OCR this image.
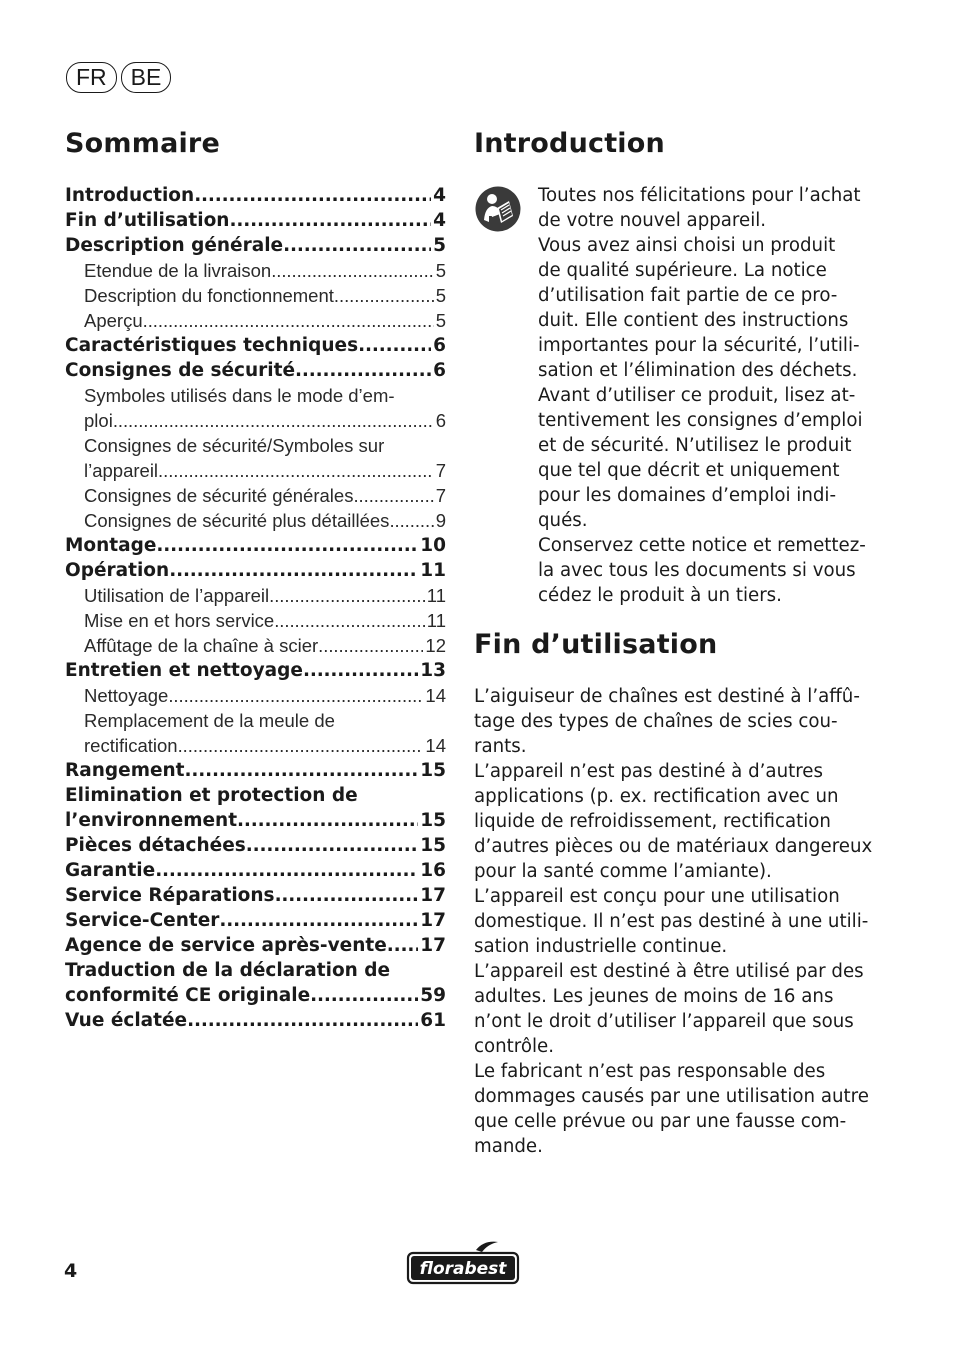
FR	BE
Sommaire
Introduction . . .	4
Fin d’utilisation . . .	4
Description générale . . .	5
Etendue de la livraison . . .	5
Description du fonctionnement . . .	5
Aperçu . . .	5
Caractéristiques techniques . . .	6
Consignes de sécurité . . .	6
Symboles utilisés dans le mode d’em-
ploi . . .	6
Consignes de sécurité/Symboles sur
l’appareil . . .	7
Consignes de sécurité générales . . .	7
Consignes de sécurité plus détaillées . . .	9
Montage . . .	10
Opération . . .	11
Utilisation de l’appareil . . .	11
Mise en et hors service . . .	11
Affûtage de la chaîne à scier . . .	12
Entretien et nettoyage . . .	13
Nettoyage . . .	14
Remplacement de la meule de
rectification . . .	14
Rangement . . .	15
Elimination et protection de
l’environnement . . .	15
Pièces détachées . . .	15
Garantie . . .	16
Service Réparations . . .	17
Service-Center . . .	17
Agence de service après-vente . . . 17
Traduction de la déclaration de
conformité CE originale . . .	59
Vue éclatée . . .	61
Introduction
Toutes nos félicitations pour l’achat
de votre nouvel appareil.
Vous avez ainsi choisi un produit
de qualité supérieure. La notice
d’utilisation fait partie de ce pro-
duit. Elle contient des instructions
importantes pour la sécurité, l’utili-
sation et l’élimination des déchets.
Avant d’utiliser ce produit, lisez at-
tentivement les consignes d’emploi
et de sécurité. N’utilisez le produit
que tel que décrit et uniquement
pour les domaines d’emploi indi-
qués.
Conservez cette notice et remettez-
la avec tous les documents si vous
cédez le produit à un tiers.
Fin d’utilisation
L’aiguiseur de chaînes est destiné à l’affû-
tage des types de chaînes de scies cou-
rants.
L’appareil n’est pas destiné à d’autres
applications (p. ex. rectification avec un
liquide de refroidissement, rectification
d’autres pièces ou de matériaux dangereux
pour la santé comme l’amiante).
L’appareil est conçu pour une utilisation
domestique. Il n’est pas destiné à une utili-
sation industrielle continue.
L’appareil est destiné à être utilisé par des
adultes. Les jeunes de moins de 16 ans
n’ont le droit d’utiliser l’appareil que sous
contrôle.
Le fabricant n’est pas responsable des
dommages causés par une utilisation autre
que celle prévue ou par une fausse com-
mande.
4	florabest
